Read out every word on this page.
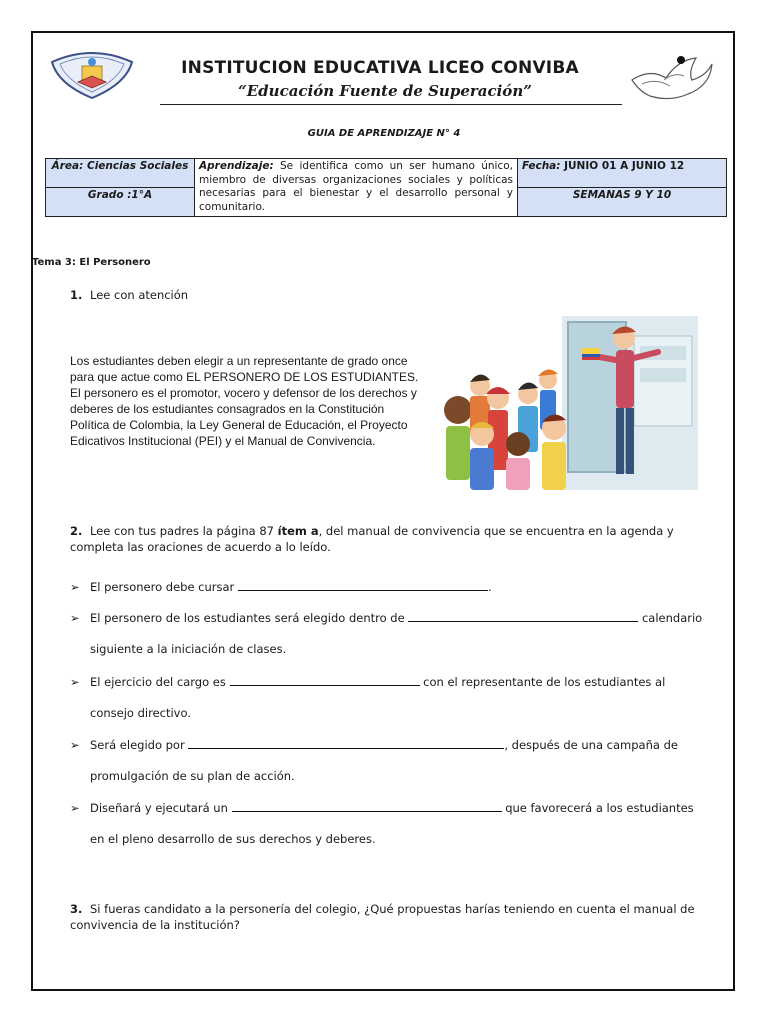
INSTITUCION EDUCATIVA LICEO CONVIBA
“Educación Fuente de Superación”
GUIA DE APRENDIZAJE N° 4
Área: Ciencias Sociales	Aprendizaje: Se identifica como un ser humano único, miembro de diversas organizaciones sociales y políticas necesarias para el bienestar y el desarrollo personal y comunitario.	Fecha: JUNIO 01 A JUNIO 12
Grado :1°A		SEMANAS 9 Y 10
Tema 3: El Personero
1. Lee con atención
Los estudiantes deben elegir a un representante de grado once para que actue como EL PERSONERO DE LOS ESTUDIANTES.
El personero es el promotor, vocero y defensor de los derechos y deberes de los estudiantes consagrados en la Constitución Política de Colombia, la Ley General de Educación, el Proyecto Edicativos Institucional (PEI) y el Manual de Convivencia.
2. Lee con tus padres la página 87 ítem a, del manual de convivencia que se encuentra en la agenda y completa las oraciones de acuerdo a lo leído.
➢ El personero debe cursar	.
➢ El personero de los estudiantes será elegido dentro de	calendario
siguiente a la iniciación de clases.
➢ El ejercicio del cargo es	con el representante de los estudiantes al
consejo directivo.
➢ Será elegido por	, después de una campaña de
promulgación de su plan de acción.
➢ Diseñará y ejecutará un	que favorecerá a los estudiantes
en el pleno desarrollo de sus derechos y deberes.
3. Si fueras candidato a la personería del colegio, ¿Qué propuestas harías teniendo en cuenta el manual de convivencia de la institución?
